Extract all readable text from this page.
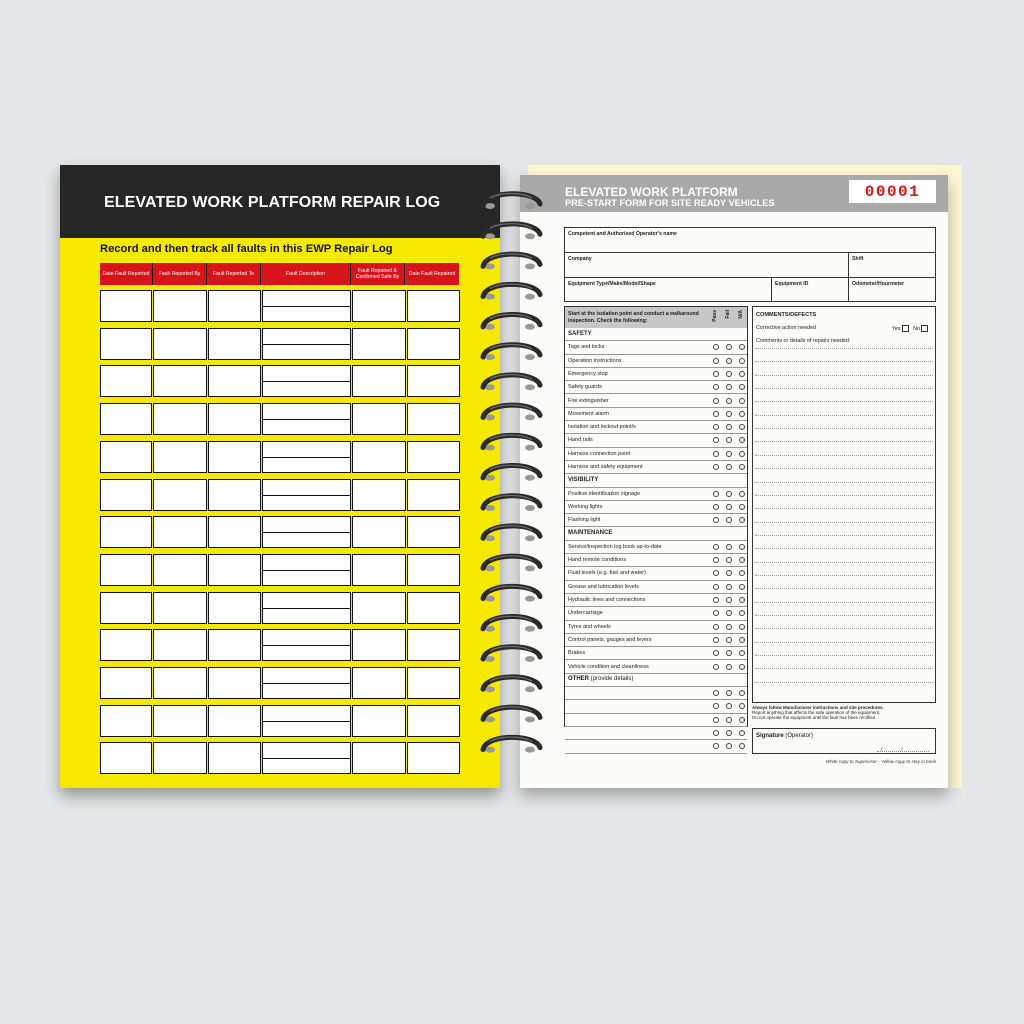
ELEVATED WORK PLATFORM REPAIR LOG
Record and then track all faults in this EWP Repair Log
Date Fault Reported	Fault Reported By	Fault Reported To	Fault Description	Fault Repaired & Confirmed Safe By	Date Fault Repaired
ELEVATED WORK PLATFORM
PRE-START FORM FOR SITE READY VEHICLES
00001
Competent and Authorised Operator's name
Company	Shift
Equipment Type/Make/Model/Shape	Equipment ID	Odometer/Hourmeter
Start at the isolation point and conduct a walkaround inspection. Check the following:	Pass Fail N/A
SAFETY
Tags and locks
Operation instructions
Emergency stop
Safety guards
Fire extinguisher
Movement alarm
Isolation and lockout point/s
Hand rails
Harness connection point
Harness and safety equipment
VISIBILITY
Positive identification signage
Working lights
Flashing light
MAINTENANCE
Service/inspection log book up-to-date
Hand remote conditions
Fluid levels (e.g. fuel and water)
Grease and lubrication levels
Hydraulic lines and connections
Undercarriage
Tyres and wheels
Control panels, gauges and levers
Brakes
Vehicle condition and cleanliness
OTHER (provide details)
COMMENTS/DEFECTS
Corrective action needed	Yes No
Comments or details of repairs needed:
Always follow Manufacturer instructions and site procedures.
Report anything that affects the safe operation of the equipment.
Do not operate the equipment until the fault has been rectified.
Signature (Operator)
/     /
White copy to Supervisor - Yellow copy to stay in book
